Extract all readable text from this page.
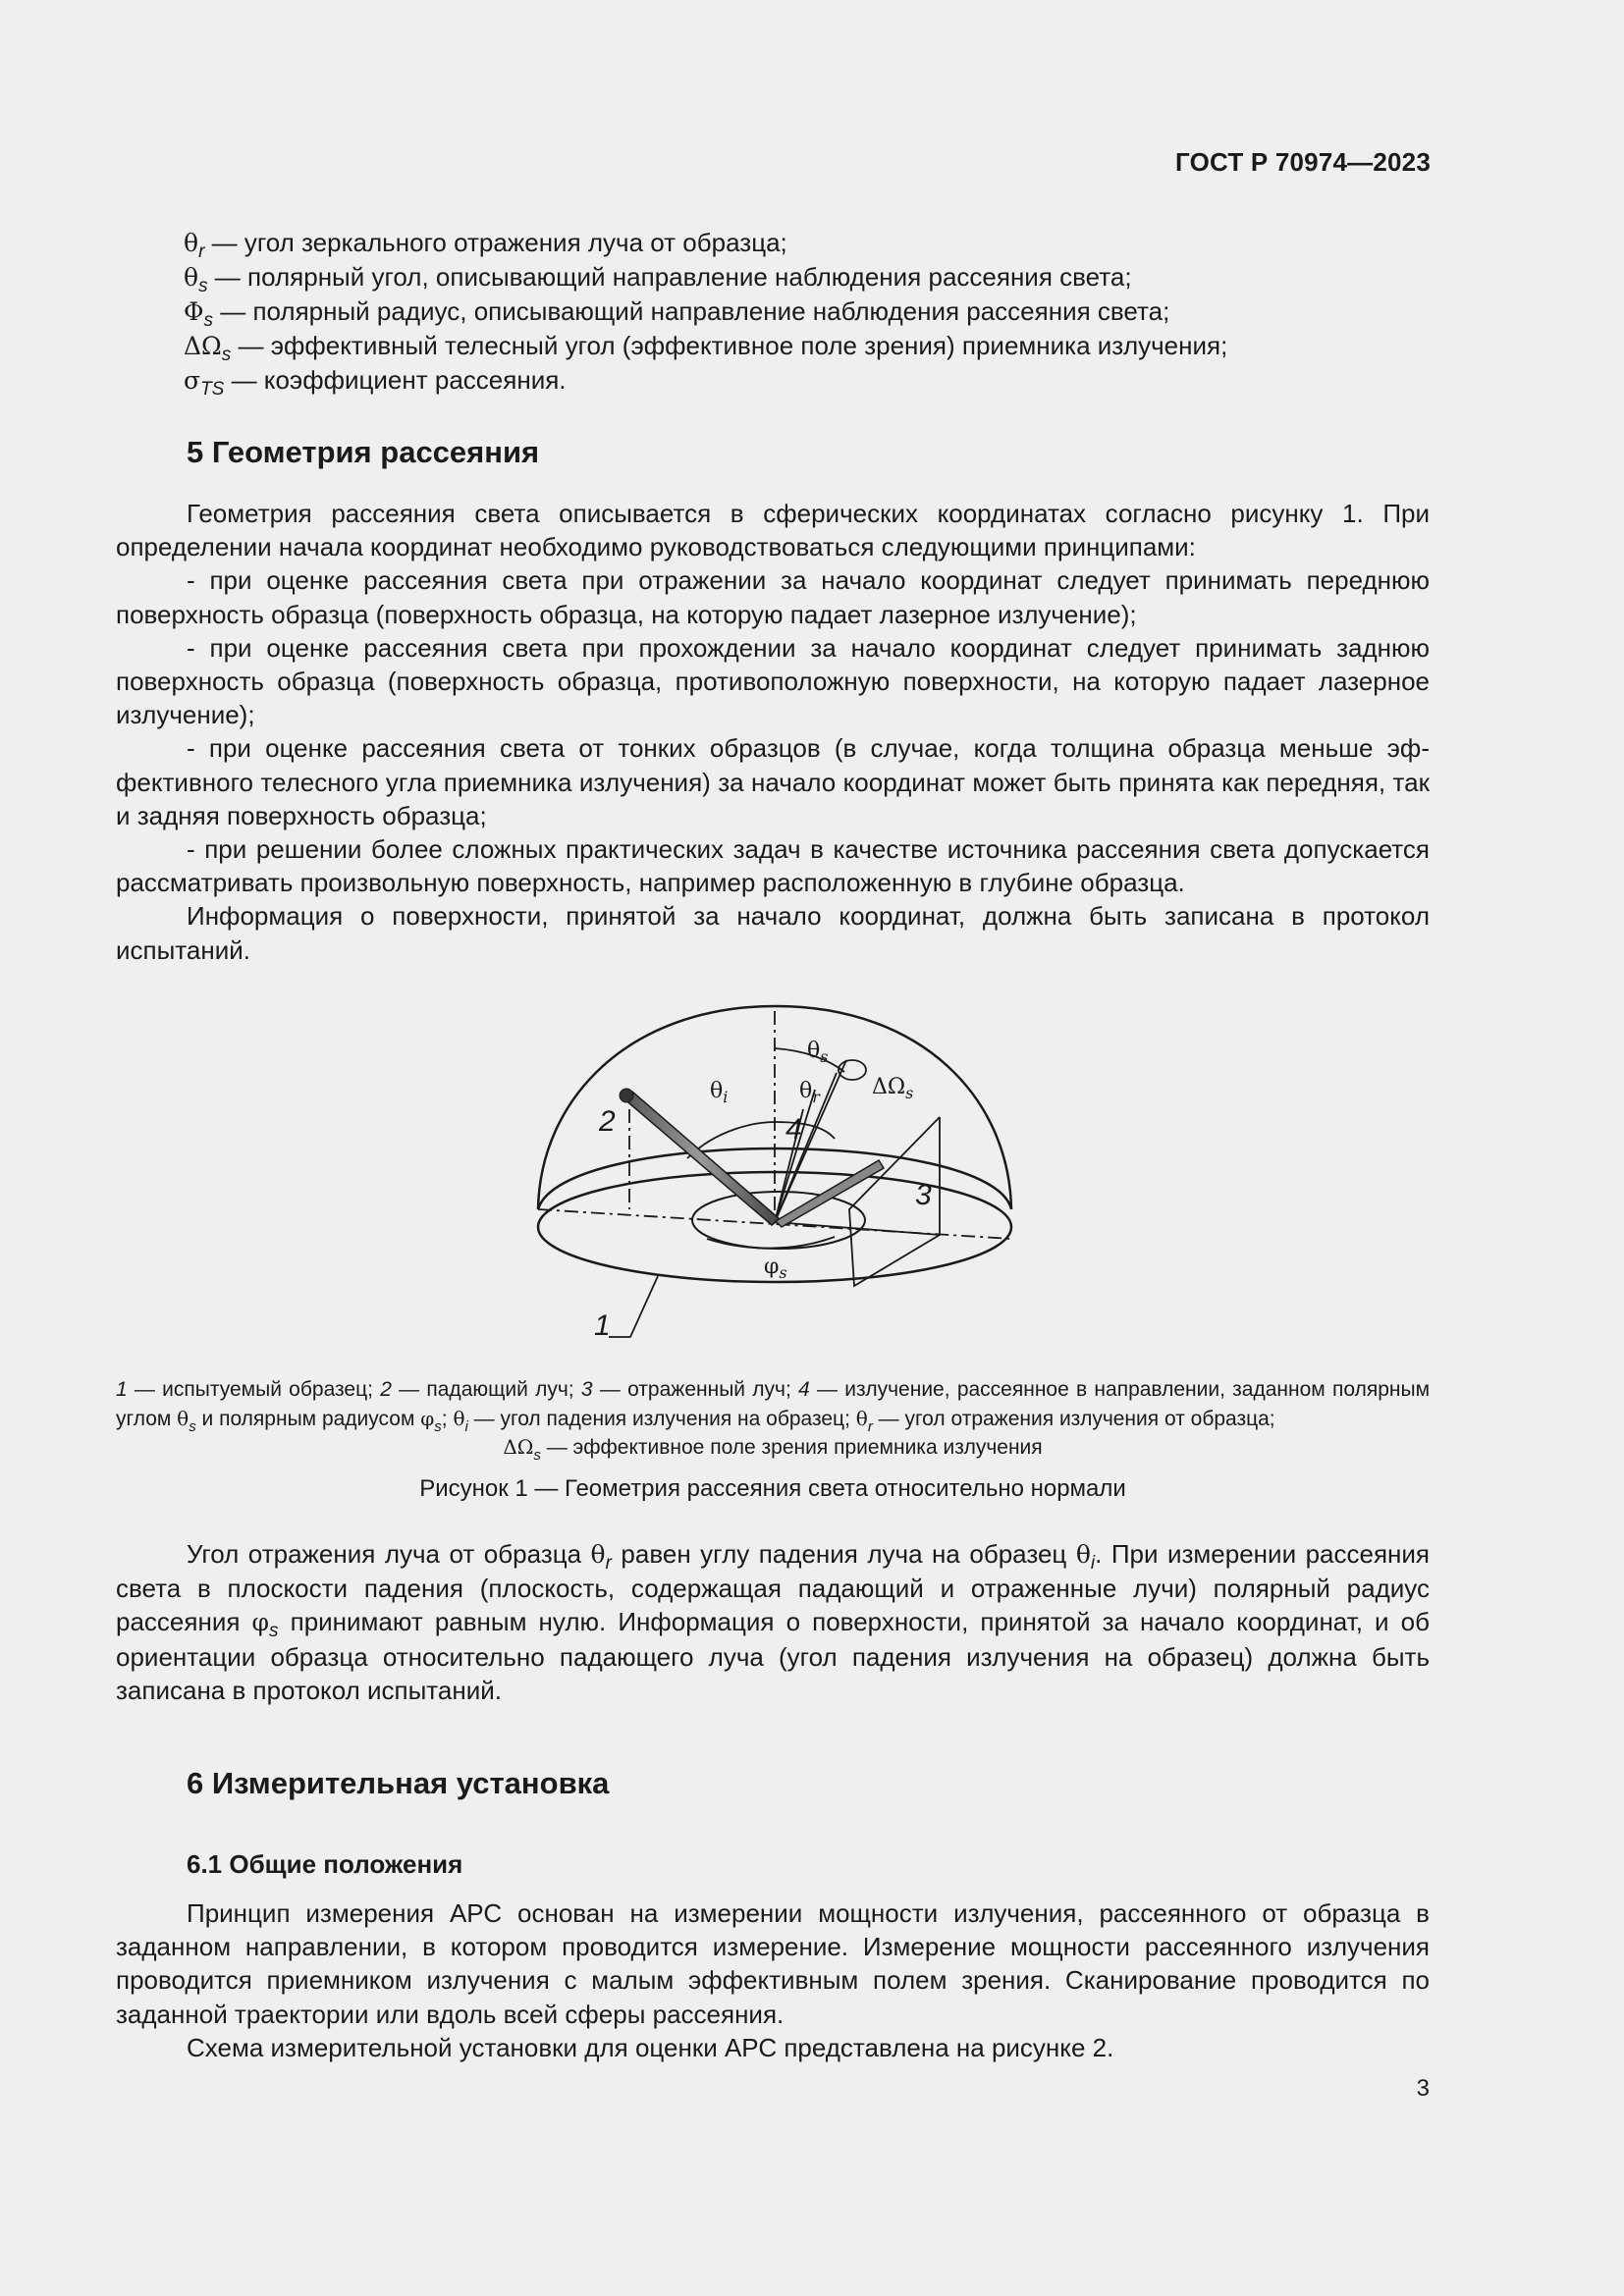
ГОСТ Р 70974—2023
$\theta_r$ — угол зеркального отражения луча от образца;
$\theta_s$ — полярный угол, описывающий направление наблюдения рассеяния света;
$\Phi_s$ — полярный радиус, описывающий направление наблюдения рассеяния света;
$\Delta\Omega_s$ — эффективный телесный угол (эффективное поле зрения) приемника излучения;
$\sigma_{TS}$ — коэффициент рассеяния.
5 Геометрия рассеяния

Геометрия рассеяния света описывается в сферических координатах согласно рисунку 1. При определении начала координат необходимо руководствоваться следующими принципами:

- при оценке рассеяния света при отражении за начало координат следует принимать переднюю поверхность образца (поверхность образца, на которую падает лазерное излучение);

- при оценке рассеяния света при прохождении за начало координат следует принимать заднюю поверхность образца (поверхность образца, противоположную поверхности, на которую падает лазерное излучение);

- при оценке рассеяния света от тонких образцов (в случае, когда толщина образца меньше эффективного телесного угла приемника излучения) за начало координат может быть принята как передняя, так и задняя поверхность образца;

- при решении более сложных практических задач в качестве источника рассеяния света допускается рассматривать произвольную поверхность, например расположенную в глубине образца.

Информация о поверхности, принятой за начало координат, должна быть записана в протокол испытаний.

2	4
3
1
$\theta_i$	$\theta_r$
$\theta_s$
$\Delta\Omega_s$
$\varphi_s$
1 — испытуемый образец; 2 — падающий луч; 3 — отраженный луч; 4 — излучение, рассеянное в направлении, заданном полярным углом $\theta_s$ и полярным радиусом $\varphi_s$; $\theta_i$ — угол падения излучения на образец; $\theta_r$ — угол отражения излучения от образца;
$\Delta\Omega_s$ — эффективное поле зрения приемника излучения
Рисунок 1 — Геометрия рассеяния света относительно нормали

Угол отражения луча от образца $\theta_r$ равен углу падения луча на образец $\theta_i$. При измерении рассеяния света в плоскости падения (плоскость, содержащая падающий и отраженные лучи) полярный радиус рассеяния $\varphi_s$ принимают равным нулю. Информация о поверхности, принятой за начало координат, и об ориентации образца относительно падающего луча (угол падения излучения на образец) должна быть записана в протокол испытаний.

6 Измерительная установка
6.1 Общие положения

Принцип измерения АРС основан на измерении мощности излучения, рассеянного от образца в заданном направлении, в котором проводится измерение. Измерение мощности рассеянного излучения проводится приемником излучения с малым эффективным полем зрения. Сканирование проводится по заданной траектории или вдоль всей сферы рассеяния.

Схема измерительной установки для оценки АРС представлена на рисунке 2.

3
